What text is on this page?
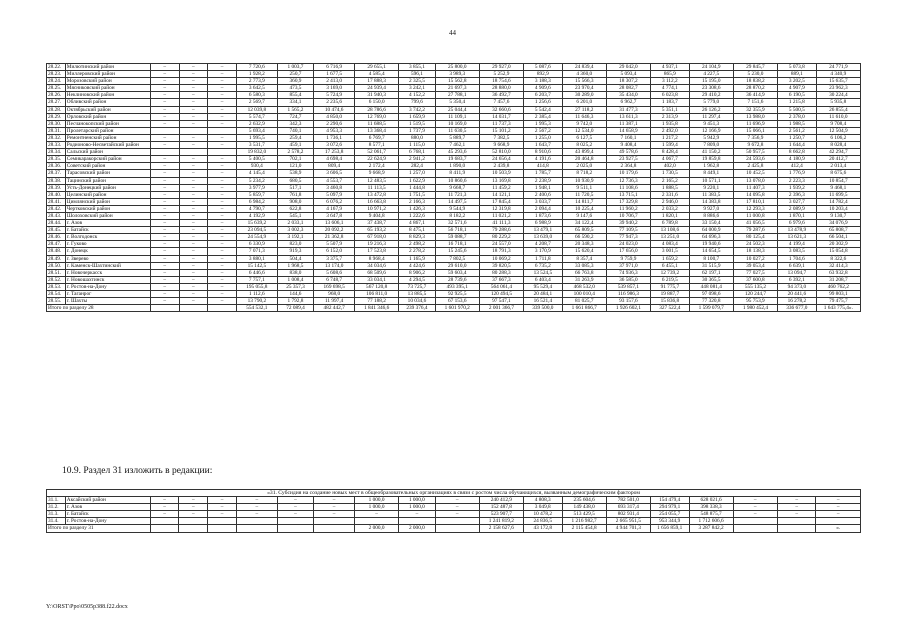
44
28.22.	Милютинский район	–	–	–	7 720,6	1 003,7	6 716,9	29 655,1	3 855,1	25 800,0	29 927,0	5 087,6	24 839,4	29 042,0	4 937,1	24 104,9	29 845,7	5 073,8	24 771,9
28.23.	Миллеровский район	–	–	–	1 928,2	250,7	1 677,5	4 585,4	596,1	3 989,3	5 252,9	892,9	4 360,0	5 093,4	865,9	4 227,5	5 230,0	889,1	4 340,9
28.24.	Морозовский район	–	–	–	2 773,9	360,9	2 413,0	17 888,3	2 325,5	15 562,8	18 754,6	3 188,3	15 566,3	18 307,2	3 112,2	15 195,0	18 838,2	3 202,5	15 635,7
28.25.	Мясниковский район	–	–	–	3 642,5	473,5	3 169,0	24 939,4	3 242,1	21 697,3	28 880,0	4 909,6	23 970,4	28 082,7	4 774,1	23 308,6	28 870,2	4 907,9	23 962,3
28.26.	Неклиновский район	–	–	–	6 580,3	855,4	5 724,9	31 940,3	4 152,2	27 788,1	36 492,7	6 203,7	30 289,0	35 434,0	6 023,8	29 410,2	36 414,9	6 190,5	30 224,4
28.27.	Обливский район	–	–	–	2 569,7	334,1	2 235,6	6 150,0	799,6	5 350,4	7 457,6	1 256,6	6 201,0	6 962,7	1 183,7	5 779,0	7 151,6	1 215,8	5 935,8
28.28.	Октябрьский район	–	–	–	12 039,8	1 565,2	10 474,6	28 786,6	3 742,2	25 044,4	32 660,6	5 542,4	27 118,2	31 477,3	5 351,1	26 126,2	32 355,9	5 500,5	26 855,4
28.29.	Орловский район	–	–	–	5 574,7	724,7	4 850,0	12 769,0	1 659,9	11 109,1	14 031,7	2 385,4	11 646,3	13 611,3	2 313,9	11 297,4	13 988,0	2 378,0	11 610,0
28.30.	Песчанокопский район	–	–	–	2 632,9	342,3	2 290,6	11 688,5	1 519,5	10 169,0	11 737,3	1 995,3	9 742,0	11 387,1	1 935,8	9 451,3	11 696,9	1 988,5	9 708,4
28.31.	Пролетарский район				5 693,4	740,1	4 953,3	13 368,4	1 737,9	11 630,5	15 101,2	2 567,2	12 534,0	14 658,9	2 492,0	12 166,9	15 066,1	2 561,2	12 504,9
28.32.	Ремонтненский район	–	–	–	1 995,5	259,4	1 736,1	6 769,7	880,0	5 889,7	7 382,5	1 255,0	6 127,5	7 160,1	1 217,2	5 942,9	7 356,9	1 250,7	6 106,2
28.33.	Родионово-Несветайский район	–	–	–	3 531,7	459,1	3 072,6	8 577,1	1 115,0	7 462,1	9 668,9	1 643,7	8 025,2	9 408,4	1 599,4	7 809,0	9 672,8	1 644,4	8 028,4
28.34.	Сальский район				19 832,0	2 578,2	17 253,8	52 061,7	6 768,1	45 293,6	52 810,0	8 910,6	43 899,4	49 578,6	8 428,4	41 150,2	50 957,5	8 662,8	42 294,7
28.35.	Семикаракорский район	–	–	–	5 400,5	702,1	4 698,4	22 624,9	2 941,2	19 683,7	24 656,4	4 191,6	20 464,8	23 927,5	4 067,7	19 859,8	24 593,6	4 180,9	20 412,7
28.36.	Советский район	–	–	–	930,4	121,0	809,4	2 172,4	282,4	1 890,0	2 439,8	414,8	2 025,0	2 364,8	402,0	1 962,8	2 425,8	412,4	2 013,4
28.37.	Тарасовский район	–	–	–	4 145,4	538,9	3 606,5	9 668,9	1 257,0	8 411,9	10 503,9	1 785,7	8 718,2	10 179,6	1 730,5	8 449,1	10 452,5	1 776,9	8 675,6
28.38.	Тацинский район	–	–	–	5 234,2	680,5	4 553,7	12 483,5	1 622,9	10 860,6	13 169,8	2 238,9	10 930,9	12 736,3	2 165,2	10 571,1	13 078,0	2 223,3	10 854,7
28.39.	Усть-Донецкий район	–	–	–	3 977,9	517,1	3 460,8	11 113,5	1 444,8	9 668,7	11 459,2	1 948,1	9 511,1	11 108,6	1 888,5	9 220,1	11 407,3	1 939,2	9 468,1
28.40.	Целинский район	–	–	–	5 859,7	761,8	5 097,9	13 472,8	1 751,5	11 721,3	14 121,1	2 400,6	11 720,5	13 715,1	2 331,6	11 383,5	14 095,8	2 396,3	11 699,5
28.41.	Цимлянский район	–	–	–	6 984,2	908,0	6 076,2	16 663,8	2 166,3	14 497,5	17 845,4	3 033,7	14 811,7	17 329,8	2 946,0	14 383,8	17 810,1	3 027,7	14 782,4
28.42.	Чертковский район	–	–	–	4 790,7	622,8	4 167,9	10 971,2	1 426,3	9 544,9	12 319,8	2 094,4	10 225,4	11 960,2	2 033,2	9 927,0	12 293,3	2 089,9	10 203,4
28.43.	Шолоховский район	–	–	–	4 192,9	545,1	3 647,8	9 404,8	1 222,6	8 182,2	11 021,2	1 873,6	9 147,6	10 706,7	1 820,1	8 886,6	11 000,8	1 870,1	9 130,7
28.44.	г. Азов	–	–	–	15 639,2	2 033,1	13 606,1	37 438,7	4 867,1	32 571,6	41 111,3	6 988,9	34 122,4	39 940,2	6 789,8	33 150,4	41 056,5	6 979,6	34 076,9
28.45.	г. Батайск	–	–	–	23 094,5	3 002,3	20 092,2	65 193,2	8 475,1	56 718,1	79 288,6	13 479,1	65 809,5	77 109,5	13 108,6	64 000,9	79 287,6	13 478,9	65 808,7
28.46.	г. Волгодонск	–	–	–	24 554,9	3 192,1	21 362,8	67 918,0	8 829,3	59 088,7	80 229,2	13 639,0	66 590,2	77 947,3	13 251,0	64 696,3	80 125,4	13 621,3	66 504,1
28.47.	г. Гуково	–	–	–	6 330,9	823,0	5 507,9	19 216,3	2 498,2	16 718,1	24 557,0	4 208,7	20 348,3	24 023,0	4 083,4	19 940,6	24 502,3	4 199,4	20 302,9
28.48.	г. Донецк	–	–	–	7 071,3	919,3	6 152,0	17 523,8	2 278,2	15 245,6	18 791,3	3 170,9	15 620,4	17 656,0	3 001,5	14 654,5	18 138,3	3 083,5	15 054,8
28.49.	г. Зверево	–	–	–	3 880,1	504,4	3 375,7	8 968,4	1 165,9	7 802,5	10 069,2	1 711,8	8 357,4	9 759,9	1 659,2	8 100,7	10 027,2	1 704,6	8 322,6
28.50.	г. Каменск-Шахтинский	–	–	–	15 142,5	1 968,5	13 174,0	34 034,6	4 424,6	29 610,0	39 820,5	6 735,2	33 085,3	37 971,0	6 455,1	31 515,9	39 053,4	6 639,1	32 414,3
28.51.	г. Новочеркасск	–	–	–	6 446,6	838,0	5 608,6	68 509,6	8 906,2	59 603,4	80 288,3	13 524,5	66 763,8	74 936,3	12 739,2	62 197,1	77 027,5	13 094,7	63 932,8
28.52.	г. Новошахтинск	–	–	–	7 757,1	1 008,4	6 748,7	33 034,1	4 294,5	28 739,6	37 667,3	6 403,4	31 263,9	36 585,0	6 219,5	30 365,5	37 600,8	6 392,1	31 208,7
28.53.	г. Ростов-на-Дону	–	–	–	195 055,8	25 357,3	169 698,5	567 120,8	73 725,7	493 395,1	564 061,4	95 529,4	468 532,0	539 857,1	91 775,7	448 081,4	555 135,2	94 373,0	460 762,2
28.54.	г. Таганрог	–	–	–	1 112,6	144,6	968,0	106 811,0	13 885,5	92 925,5	120 494,5	20 484,1	100 010,4	116 986,3	19 887,7	97 098,6	120 244,7	20 441,6	99 803,1
28.55.	г. Шахты	–	–	–	13 790,2	1 792,8	11 997,4	77 188,2	10 034,6	67 153,6	97 547,1	16 521,4	81 025,7	93 157,6	15 836,8	77 320,8	95 753,9	16 278,2	79 475,7
Итого по разделу 28					554 532,1	72 089,4	482 442,7	1 841 346,6	239 376,4	1 601 970,2	2 001 366,7	339 500,0	1 661 866,7	1 926 602,1	327 522,4	1 599 079,7	1 980 452,4	336 677,0	1 643 775,4».
10.9. Раздел 31 изложить в редакции:
«31. Субсидия на создание новых мест в общеобразовательных организациях в связи с ростом числа обучающихся, вызванным демографическим фактором																			
31.1.	Аксайский район	–	–	–	–	–	–	1 000,0	1 000,0	–	240 412,9	4 808,3	235 604,6	782 501,0	154 479,4	628 021,6	–	–	–
31.2.	г. Азов	–	–	–	–	–	–	1 000,0	1 000,0	–	152 487,8	3 049,8	149 438,0	693 317,4	294 979,1	398 338,3	–	–	–
31.3.	г. Батайск	–	–	–	–	–	–	–	–	–	523 907,7	10 478,2	513 429,5	802 931,4	254 055,7	548 875,7	–	–	–
31.4.	г. Ростов-на-Дону										1 241 819,2	24 836,5	1 216 982,7	2 665 951,5	953 344,9	1 712 606,6			
Итого по разделу 31								2 000,0	2 000,0		2 158 627,6	43 172,8	2 115 454,8	4 944 701,3	1 656 859,1	3 287 842,2			».
Y:\ORST\Ppo\0505p388.f22.docx
